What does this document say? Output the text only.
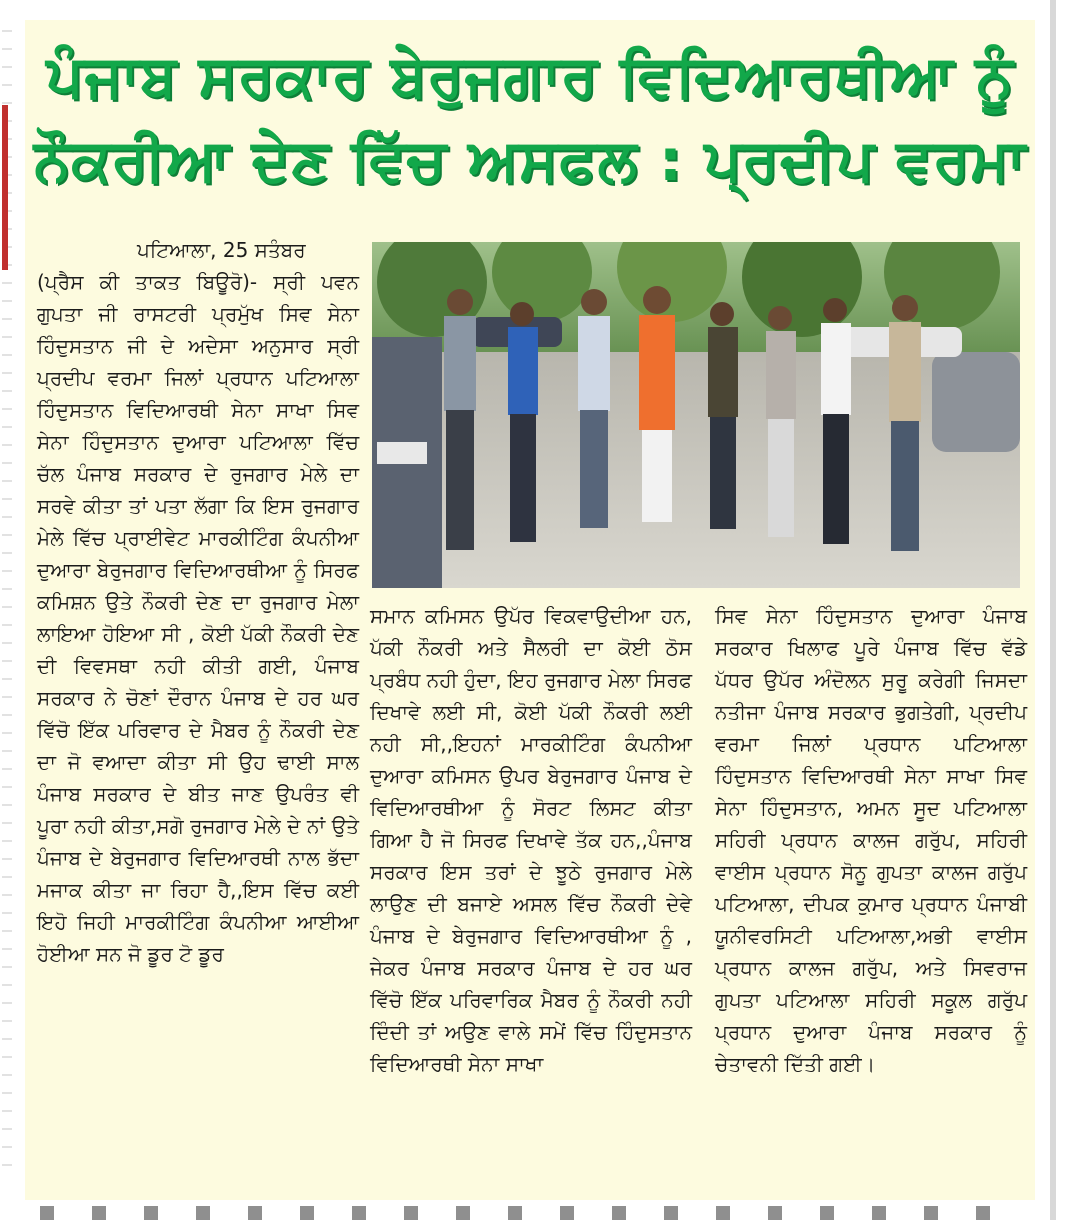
ਪੰਜਾਬ ਸਰਕਾਰ ਬੇਰੁਜਗਾਰ ਵਿਦਿਆਰਥੀਆ ਨੂੰ
ਨੌਕਰੀਆ ਦੇਣ ਵਿੱਚ ਅਸਫਲ : ਪ੍ਰਦੀਪ ਵਰਮਾ
ਪਟਿਆਲਾ, 25 ਸਤੰਬਰ
(ਪ੍ਰੈਸ ਕੀ ਤਾਕਤ ਬਿਊਰੋ)- ਸ੍ਰੀ ਪਵਨ ਗੁਪਤਾ ਜੀ ਰਾਸਟਰੀ ਪ੍ਰਮੁੱਖ ਸਿਵ ਸੇਨਾ ਹਿੰਦੁਸਤਾਨ ਜੀ ਦੇ ਅਦੇਸਾ ਅਨੁਸਾਰ ਸ੍ਰੀ ਪ੍ਰਦੀਪ ਵਰਮਾ ਜਿਲਾਂ ਪ੍ਰਧਾਨ ਪਟਿਆਲਾ ਹਿੰਦੁਸਤਾਨ ਵਿਦਿਆਰਥੀ ਸੇਨਾ ਸਾਖਾ ਸਿਵ ਸੇਨਾ ਹਿੰਦੁਸਤਾਨ ਦੁਆਰਾ ਪਟਿਆਲਾ ਵਿੱਚ ਚੱਲ ਪੰਜਾਬ ਸਰਕਾਰ ਦੇ ਰੁਜਗਾਰ ਮੇਲੇ ਦਾ ਸਰਵੇ ਕੀਤਾ ਤਾਂ ਪਤਾ ਲੱਗਾ ਕਿ ਇਸ ਰੁਜਗਾਰ ਮੇਲੇ ਵਿੱਚ ਪ੍ਰਾਈਵੇਟ ਮਾਰਕੀਟਿੰਗ ਕੰਪਨੀਆ ਦੁਆਰਾ ਬੇਰੁਜਗਾਰ ਵਿਦਿਆਰਥੀਆ ਨੂੰ ਸਿਰਫ ਕਮਿਸ਼ਨ ਉਤੇ ਨੌਕਰੀ ਦੇਣ ਦਾ ਰੁਜਗਾਰ ਮੇਲਾ ਲਾਇਆ ਹੋਇਆ ਸੀ , ਕੋਈ ਪੱਕੀ ਨੌਕਰੀ ਦੇਣ ਦੀ ਵਿਵਸਥਾ ਨਹੀ ਕੀਤੀ ਗਈ, ਪੰਜਾਬ ਸਰਕਾਰ ਨੇ ਚੋਣਾਂ ਦੌਰਾਨ ਪੰਜਾਬ ਦੇ ਹਰ ਘਰ ਵਿੱਚੋ ਇੱਕ ਪਰਿਵਾਰ ਦੇ ਮੈਬਰ ਨੂੰ ਨੌਕਰੀ ਦੇਣ ਦਾ ਜੋ ਵਆਦਾ ਕੀਤਾ ਸੀ ਉਹ ਢਾਈ ਸਾਲ ਪੰਜਾਬ ਸਰਕਾਰ ਦੇ ਬੀਤ ਜਾਣ ਉਪਰੰਤ ਵੀ ਪੂਰਾ ਨਹੀ ਕੀਤਾ,ਸਗੋ ਰੁਜਗਾਰ ਮੇਲੇ ਦੇ ਨਾਂ ਉਤੇ ਪੰਜਾਬ ਦੇ ਬੇਰੁਜਗਾਰ ਵਿਦਿਆਰਥੀ ਨਾਲ ਭੱਦਾ ਮਜਾਕ ਕੀਤਾ ਜਾ ਰਿਹਾ ਹੈ,,ਇਸ ਵਿੱਚ ਕਈ ਇਹੋ ਜਿਹੀ ਮਾਰਕੀਟਿੰਗ ਕੰਪਨੀਆ ਆਈਆ ਹੋਈਆ ਸਨ ਜੋ ਡੂਰ ਟੋ ਡੂਰ
ਸਮਾਨ ਕਮਿਸਨ ਉਪੱਰ ਵਿਕਵਾਉਦੀਆ ਹਨ, ਪੱਕੀ ਨੌਕਰੀ ਅਤੇ ਸੈਲਰੀ ਦਾ ਕੋਈ ਠੋਸ ਪ੍ਰਬੰਧ ਨਹੀ ਹੁੰਦਾ, ਇਹ ਰੁਜਗਾਰ ਮੇਲਾ ਸਿਰਫ ਦਿਖਾਵੇ ਲਈ ਸੀ, ਕੋਈ ਪੱਕੀ ਨੌਕਰੀ ਲਈ ਨਹੀ ਸੀ,,ਇਹਨਾਂ ਮਾਰਕੀਟਿੰਗ ਕੰਪਨੀਆ ਦੁਆਰਾ ਕਮਿਸਨ ਉਪਰ ਬੇਰੁਜਗਾਰ ਪੰਜਾਬ ਦੇ ਵਿਦਿਆਰਥੀਆ ਨੂੰ ਸੋਰਟ ਲਿਸਟ ਕੀਤਾ ਗਿਆ ਹੈ ਜੋ ਸਿਰਫ ਦਿਖਾਵੇ ਤੱਕ ਹਨ,,ਪੰਜਾਬ ਸਰਕਾਰ ਇਸ ਤਰਾਂ ਦੇ ਝੂਠੇ ਰੁਜਗਾਰ ਮੇਲੇ ਲਾਉਣ ਦੀ ਬਜਾਏ ਅਸਲ ਵਿੱਚ ਨੌਕਰੀ ਦੇਵੇ ਪੰਜਾਬ ਦੇ ਬੇਰੁਜਗਾਰ ਵਿਦਿਆਰਥੀਆ ਨੂੰ , ਜੇਕਰ ਪੰਜਾਬ ਸਰਕਾਰ ਪੰਜਾਬ ਦੇ ਹਰ ਘਰ ਵਿੱਚੋ ਇੱਕ ਪਰਿਵਾਰਿਕ ਮੈਬਰ ਨੂੰ ਨੌਕਰੀ ਨਹੀ ਦਿੰਦੀ ਤਾਂ ਅਉਣ ਵਾਲੇ ਸਮੇਂ ਵਿੱਚ ਹਿੰਦੁਸਤਾਨ ਵਿਦਿਆਰਥੀ ਸੇਨਾ ਸਾਖਾ
ਸਿਵ ਸੇਨਾ ਹਿੰਦੁਸਤਾਨ ਦੁਆਰਾ ਪੰਜਾਬ ਸਰਕਾਰ ਖਿਲਾਫ ਪੂਰੇ ਪੰਜਾਬ ਵਿੱਚ ਵੱਡੇ ਪੱਧਰ ਉਪੱਰ ਅੰਦੋਲਨ ਸੁਰੂ ਕਰੇਗੀ ਜਿਸਦਾ ਨਤੀਜਾ ਪੰਜਾਬ ਸਰਕਾਰ ਭੁਗਤੇਗੀ, ਪ੍ਰਦੀਪ ਵਰਮਾ ਜਿਲਾਂ ਪ੍ਰਧਾਨ ਪਟਿਆਲਾ ਹਿੰਦੁਸਤਾਨ ਵਿਦਿਆਰਥੀ ਸੇਨਾ ਸਾਖਾ ਸਿਵ ਸੇਨਾ ਹਿੰਦੁਸਤਾਨ, ਅਮਨ ਸੂਦ ਪਟਿਆਲਾ ਸਹਿਰੀ ਪ੍ਰਧਾਨ ਕਾਲਜ ਗਰੁੱਪ, ਸਹਿਰੀ ਵਾਈਸ ਪ੍ਰਧਾਨ ਸੋਨੂ ਗੁਪਤਾ ਕਾਲਜ ਗਰੁੱਪ ਪਟਿਆਲਾ, ਦੀਪਕ ਕੁਮਾਰ ਪ੍ਰਧਾਨ ਪੰਜਾਬੀ ਯੂਨੀਵਰਸਿਟੀ ਪਟਿਆਲਾ,ਅਭੀ ਵਾਈਸ ਪ੍ਰਧਾਨ ਕਾਲਜ ਗਰੁੱਪ, ਅਤੇ ਸਿਵਰਾਜ ਗੁਪਤਾ ਪਟਿਆਲਾ ਸਹਿਰੀ ਸਕੂਲ ਗਰੁੱਪ ਪ੍ਰਧਾਨ ਦੁਆਰਾ ਪੰਜਾਬ ਸਰਕਾਰ ਨੂੰ ਚੇਤਾਵਨੀ ਦਿੱਤੀ ਗਈ।
